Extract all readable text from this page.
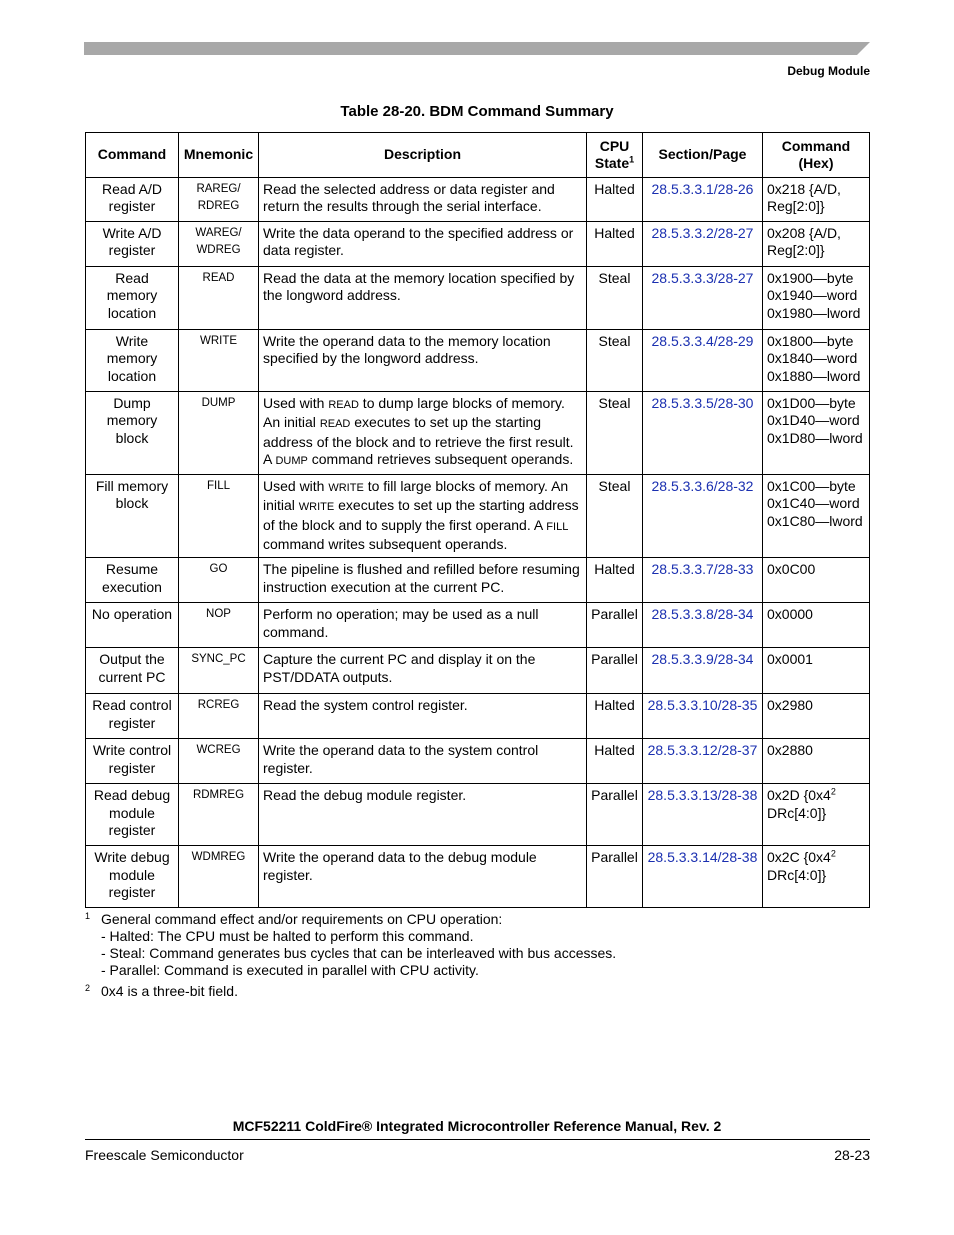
Debug Module
Table 28-20. BDM Command Summary
Command	Mnemonic	Description	CPU State$^1$	Section/Page	Command
(Hex)
Read A/D register	RAREG/ RDREG	Read the selected address or data register and return the results through the serial interface.	Halted	28.5.3.3.1/28-26	0x218 {A/D, Reg[2:0]}
Write A/D register	WAREG/ WDREG	Write the data operand to the specified address or data register.	Halted	28.5.3.3.2/28-27	0x208 {A/D, Reg[2:0]}
Read memory location	READ	Read the data at the memory location specified by the longword address.	Steal	28.5.3.3.3/28-27	0x1900—byte
0x1940—word
0x1980—lword
Write memory location	WRITE	Write the operand data to the memory location specified by the longword address.	Steal	28.5.3.3.4/28-29	0x1800—byte
0x1840—word
0x1880—lword
Dump memory block	DUMP	Used with READ to dump large blocks of memory. An initial READ executes to set up the starting address of the block and to retrieve the first result. A DUMP command retrieves subsequent operands.	Steal	28.5.3.3.5/28-30	0x1D00—byte
0x1D40—word
0x1D80—lword
Fill memory block	FILL	Used with WRITE to fill large blocks of memory. An initial WRITE executes to set up the starting address of the block and to supply the first operand. A FILL command writes subsequent operands.	Steal	28.5.3.3.6/28-32	0x1C00—byte
0x1C40—word
0x1C80—lword
Resume execution	GO	The pipeline is flushed and refilled before resuming instruction execution at the current PC.	Halted	28.5.3.3.7/28-33	0x0C00
No operation	NOP	Perform no operation; may be used as a null command.	Parallel	28.5.3.3.8/28-34	0x0000
Output the current PC	SYNC_PC	Capture the current PC and display it on the PST/DDATA outputs.	Parallel	28.5.3.3.9/28-34	0x0001
Read control register	RCREG	Read the system control register.	Halted	28.5.3.3.10/28-35	0x2980
Write control register	WCREG	Write the operand data to the system control register.	Halted	28.5.3.3.12/28-37	0x2880
Read debug module register	RDMREG	Read the debug module register.	Parallel	28.5.3.3.13/28-38	0x2D {$0x4^2$
DRc[4:0]}
Write debug module register	WDMREG	Write the operand data to the debug module register.	Parallel	28.5.3.3.14/28-38	0x2C {$0x4^2$
DRc[4:0]}
1 General command effect and/or requirements on CPU operation:
- Halted: The CPU must be halted to perform this command.
- Steal: Command generates bus cycles that can be interleaved with bus accesses.
- Parallel: Command is executed in parallel with CPU activity.
2 0x4 is a three-bit field.
MCF52211 ColdFire® Integrated Microcontroller Reference Manual, Rev. 2
Freescale Semiconductor	28-23
